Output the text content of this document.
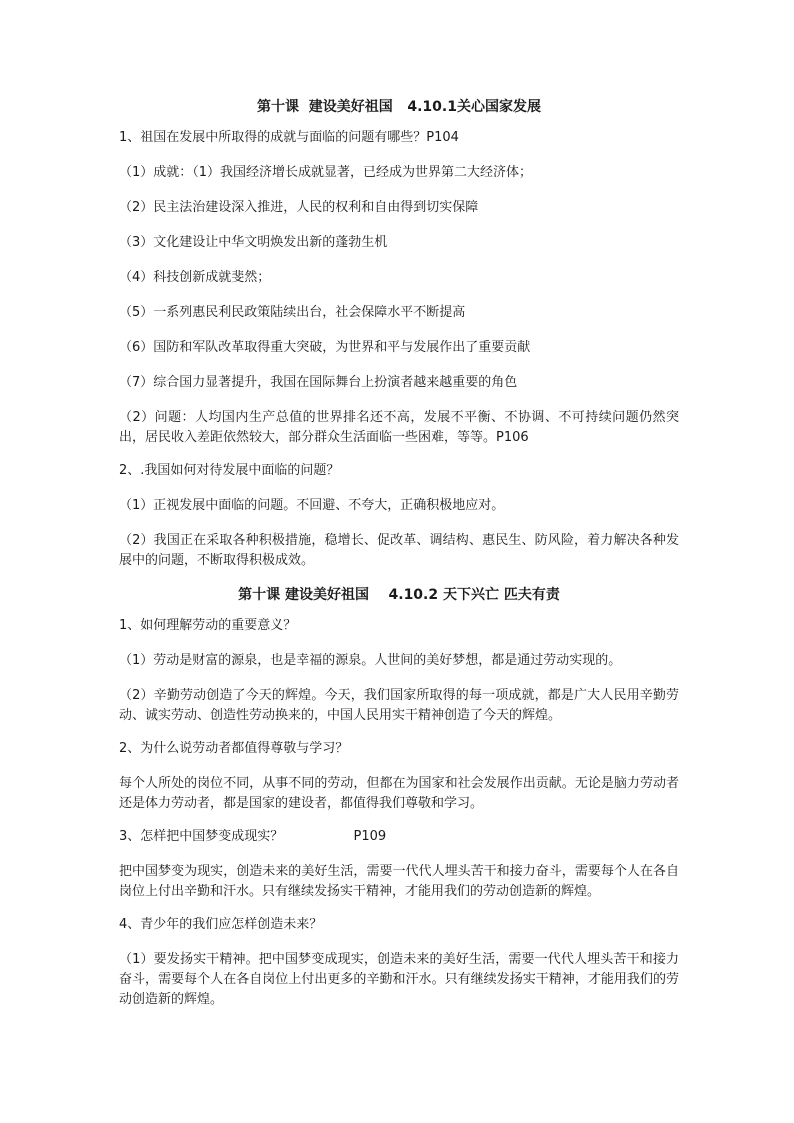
第十课  建设美好祖国   4.10.1关心国家发展
1、祖国在发展中所取得的成就与面临的问题有哪些？P104
（1）成就：（1）我国经济增长成就显著，已经成为世界第二大经济体；
（2）民主法治建设深入推进，人民的权利和自由得到切实保障
（3）文化建设让中华文明焕发出新的蓬勃生机
（4）科技创新成就斐然；
（5）一系列惠民利民政策陆续出台，社会保障水平不断提高
（6）国防和军队改革取得重大突破，为世界和平与发展作出了重要贡献
（7）综合国力显著提升，我国在国际舞台上扮演者越来越重要的角色
（2）问题：人均国内生产总值的世界排名还不高，发展不平衡、不协调、不可持续问题仍然突出，居民收入差距依然较大，部分群众生活面临一些困难，等等。P106
2、.我国如何对待发展中面临的问题？
（1）正视发展中面临的问题。不回避、不夸大，正确积极地应对。
（2）我国正在采取各种积极措施，稳增长、促改革、调结构、惠民生、防风险，着力解决各种发展中的问题，不断取得积极成效。
第十课 建设美好祖国    4.10.2 天下兴亡 匹夫有责
1、如何理解劳动的重要意义？
（1）劳动是财富的源泉，也是幸福的源泉。人世间的美好梦想，都是通过劳动实现的。
（2）辛勤劳动创造了今天的辉煌。今天，我们国家所取得的每一项成就，都是广大人民用辛勤劳动、诚实劳动、创造性劳动换来的，中国人民用实干精神创造了今天的辉煌。
2、为什么说劳动者都值得尊敬与学习？
每个人所处的岗位不同，从事不同的劳动，但都在为国家和社会发展作出贡献。无论是脑力劳动者还是体力劳动者，都是国家的建设者，都值得我们尊敬和学习。
3、怎样把中国梦变成现实？                 P109
把中国梦变为现实，创造未来的美好生活，需要一代代人埋头苦干和接力奋斗，需要每个人在各自岗位上付出辛勤和汗水。只有继续发扬实干精神，才能用我们的劳动创造新的辉煌。
4、青少年的我们应怎样创造未来？
（1）要发扬实干精神。把中国梦变成现实，创造未来的美好生活，需要一代代人埋头苦干和接力奋斗，需要每个人在各自岗位上付出更多的辛勤和汗水。只有继续发扬实干精神，才能用我们的劳动创造新的辉煌。
